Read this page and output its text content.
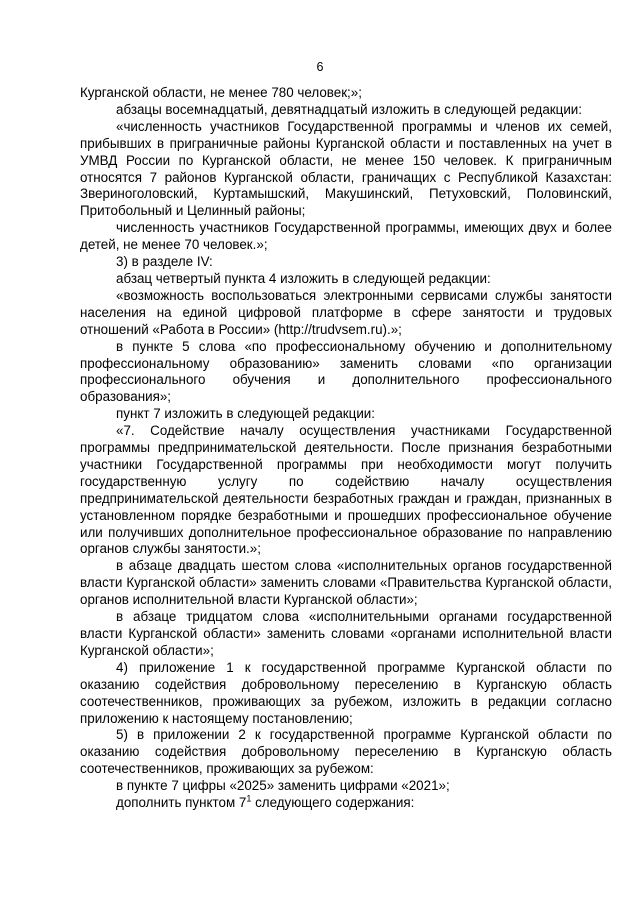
6

Курганской области, не менее 780 человек;»;

абзацы восемнадцатый, девятнадцатый изложить в следующей редакции:

«численность участников Государственной программы и членов их семей, прибывших в приграничные районы Курганской области и поставленных на учет в УМВД России по Курганской области, не менее 150 человек. К приграничным относятся 7 районов Курганской области, граничащих с Республикой Казахстан: Звериноголовский, Куртамышский, Макушинский, Петуховский, Половинский, Притобольный и Целинный районы;

численность участников Государственной программы, имеющих двух и более детей, не менее 70 человек.»;

3) в разделе IV:

абзац четвертый пункта 4 изложить в следующей редакции:

«возможность воспользоваться электронными сервисами службы занятости населения на единой цифровой платформе в сфере занятости и трудовых отношений «Работа в России» (http://trudvsem.ru).»;

в пункте 5 слова «по профессиональному обучению и дополнительному профессиональному образованию» заменить словами «по организации профессионального обучения и дополнительного профессионального образования»;

пункт 7 изложить в следующей редакции:

«7. Содействие началу осуществления участниками Государственной программы предпринимательской деятельности. После признания безработными участники Государственной программы при необходимости могут получить государственную услугу по содействию началу осуществления предпринимательской деятельности безработных граждан и граждан, признанных в установленном порядке безработными и прошедших профессиональное обучение или получивших дополнительное профессиональное образование по направлению органов службы занятости.»;

в абзаце двадцать шестом слова «исполнительных органов государственной власти Курганской области» заменить словами «Правительства Курганской области, органов исполнительной власти Курганской области»;

в абзаце тридцатом слова «исполнительными органами государственной власти Курганской области» заменить словами «органами исполнительной власти Курганской области»;

4) приложение 1 к государственной программе Курганской области по оказанию содействия добровольному переселению в Курганскую область соотечественников, проживающих за рубежом, изложить в редакции согласно приложению к настоящему постановлению;

5) в приложении 2 к государственной программе Курганской области по оказанию содействия добровольному переселению в Курганскую область соотечественников, проживающих за рубежом:

в пункте 7 цифры «2025» заменить цифрами «2021»;

дополнить пунктом $7^1$ следующего содержания:
